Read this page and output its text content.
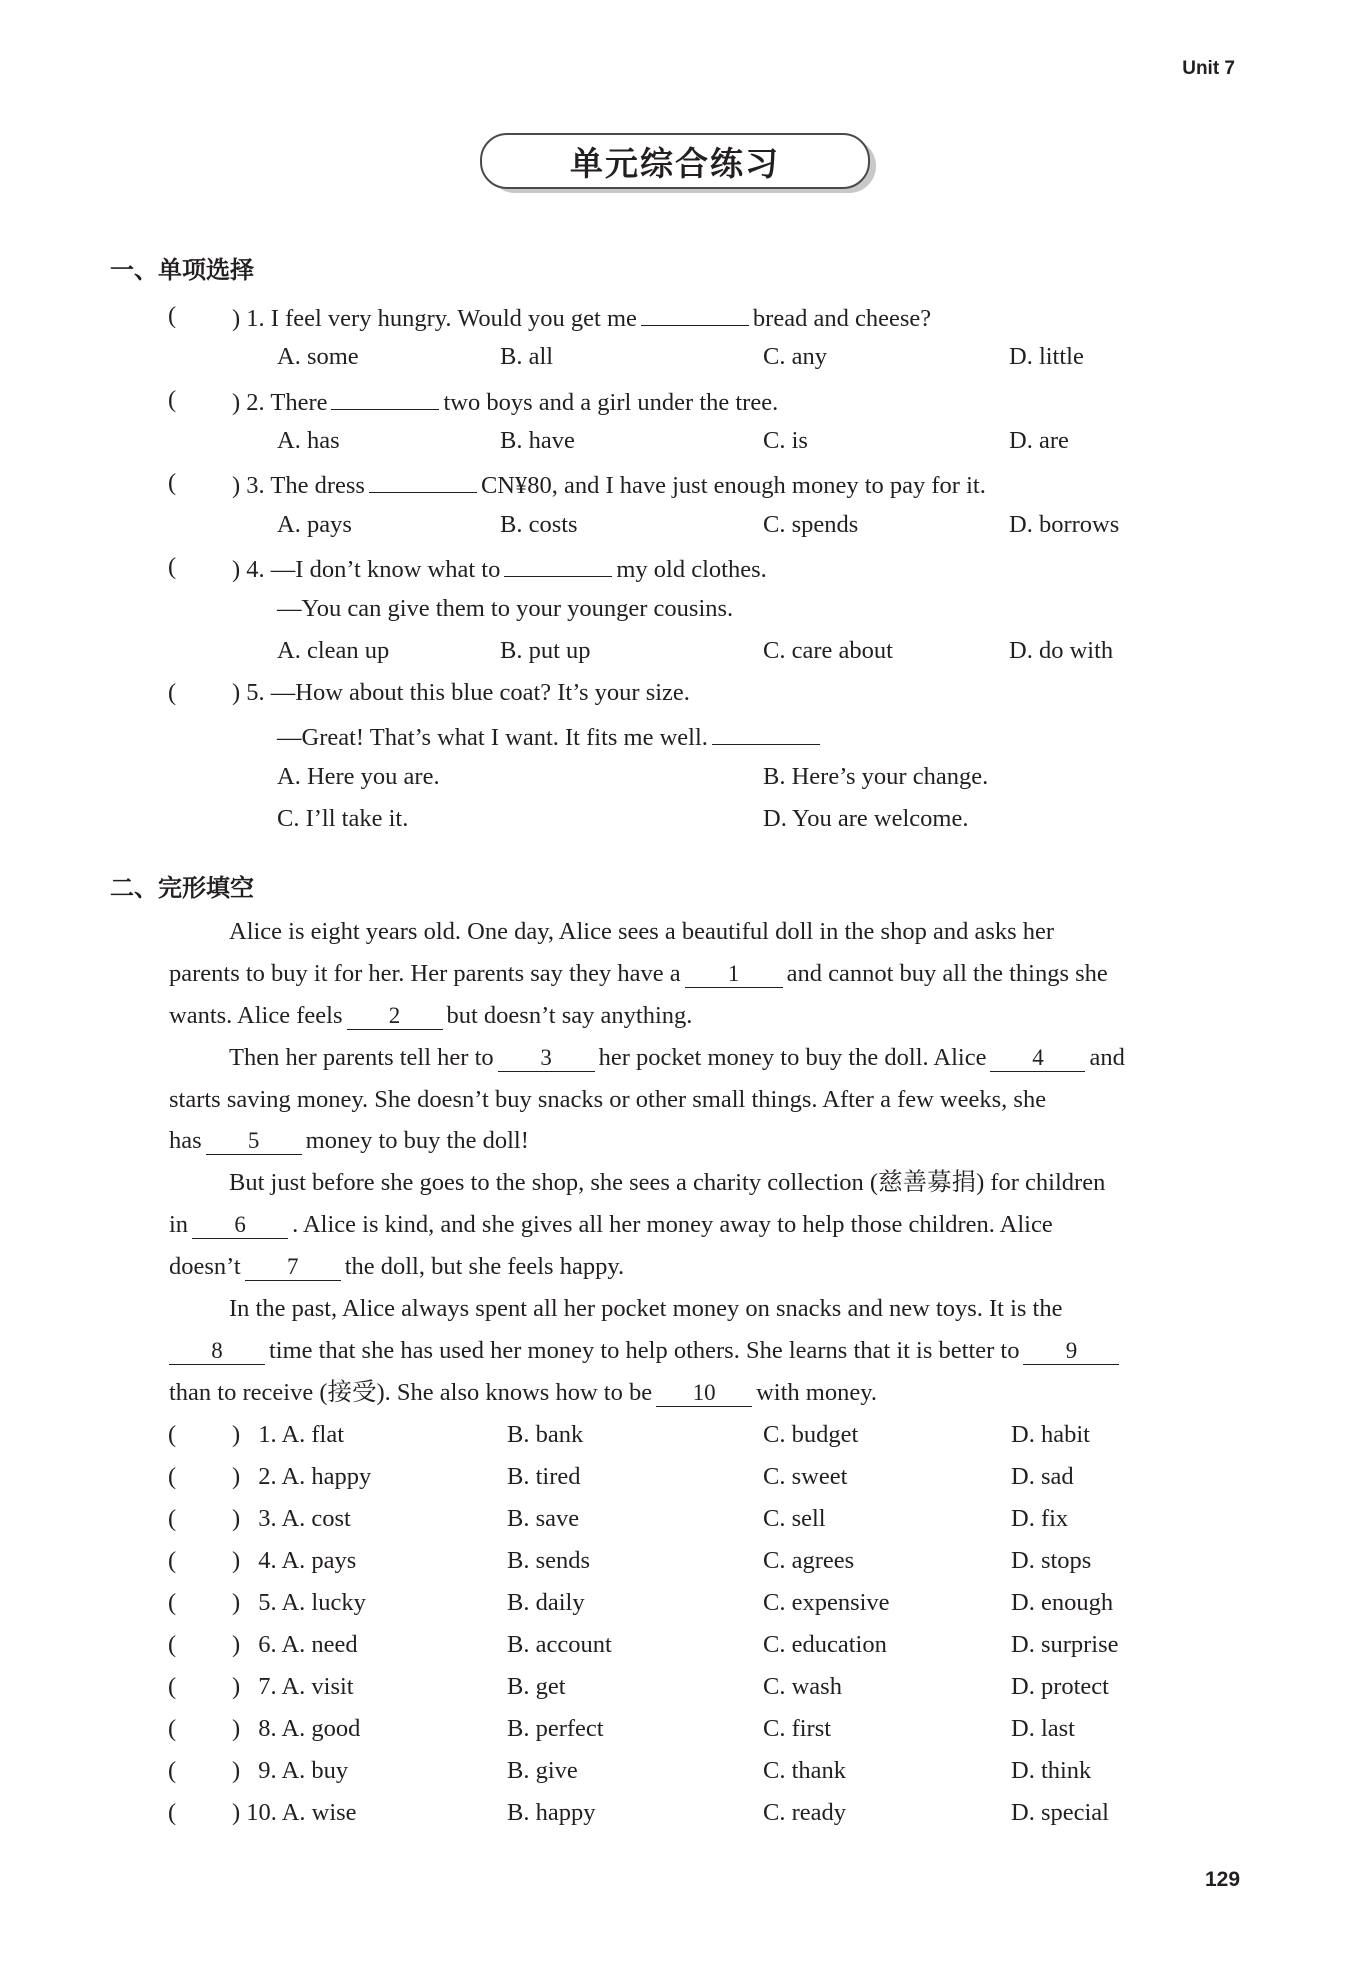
Unit 7
单元综合练习
一、单项选择
( ) 1. I feel very hungry. Would you get me	bread and cheese?
A. some	B. all	C. any	D. little
( ) 2. There	two boys and a girl under the tree.
A. has	B. have	C. is	D. are
( ) 3. The dress	CN¥80, and I have just enough money to pay for it.
A. pays	B. costs	C. spends	D. borrows
( ) 4. —I don’t know what to	my old clothes.
—You can give them to your younger cousins.
A. clean up	B. put up	C. care about	D. do with
( ) 5. —How about this blue coat? It’s your size.
—Great! That’s what I want. It fits me well.
A. Here you are.	B. Here’s your change.
C. I’ll take it.	D. You are welcome.
二、完形填空
Alice is eight years old. One day, Alice sees a beautiful doll in the shop and asks her
parents to buy it for her. Her parents say they have a 1 and cannot buy all the things she
wants. Alice feels 2 but doesn’t say anything.
Then her parents tell her to 3 her pocket money to buy the doll. Alice 4 and
starts saving money. She doesn’t buy snacks or other small things. After a few weeks, she
has 5 money to buy the doll!
But just before she goes to the shop, she sees a charity collection (慈善募捐) for children
in 6 . Alice is kind, and she gives all her money away to help those children. Alice
doesn’t 7 the doll, but she feels happy.
In the past, Alice always spent all her pocket money on snacks and new toys. It is the
8 time that she has used her money to help others. She learns that it is better to 9
than to receive (接受). She also knows how to be 10 with money.
( ) 1. A. flat	B. bank	C. budget	D. habit
( ) 2. A. happy	B. tired	C. sweet	D. sad
( ) 3. A. cost	B. save	C. sell	D. fix
( ) 4. A. pays	B. sends	C. agrees	D. stops
( ) 5. A. lucky	B. daily	C. expensive	D. enough
( ) 6. A. need	B. account	C. education	D. surprise
( ) 7. A. visit	B. get	C. wash	D. protect
( ) 8. A. good	B. perfect	C. first	D. last
( ) 9. A. buy	B. give	C. thank	D. think
( ) 10. A. wise	B. happy	C. ready	D. special
129
